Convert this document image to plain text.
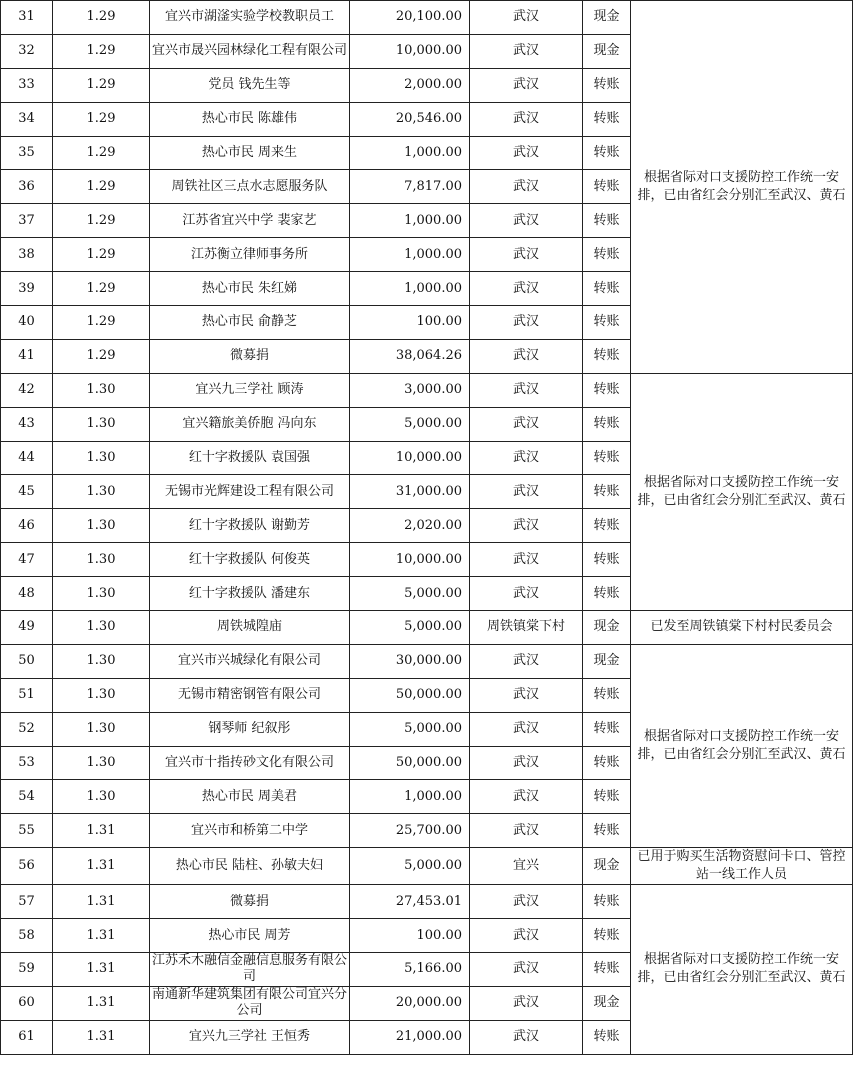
31	1.29	宜兴市湖滏实验学校教职员工	20,100.00	武汉	现金	根据省际对口支援防控工作统一安排，已由省红会分别汇至武汉、黄石
32	1.29	宜兴市晟兴园林绿化工程有限公司	10,000.00	武汉	现金	
33	1.29	党员 钱先生等	2,000.00	武汉	转账	
34	1.29	热心市民 陈雄伟	20,546.00	武汉	转账	
35	1.29	热心市民 周来生	1,000.00	武汉	转账	
36	1.29	周铁社区三点水志愿服务队	7,817.00	武汉	转账	
37	1.29	江苏省宜兴中学 裴家艺	1,000.00	武汉	转账	
38	1.29	江苏衡立律师事务所	1,000.00	武汉	转账	
39	1.29	热心市民 朱红娣	1,000.00	武汉	转账	
40	1.29	热心市民 俞静芝	100.00	武汉	转账	
41	1.29	微募捐	38,064.26	武汉	转账	
42	1.30	宜兴九三学社 顾涛	3,000.00	武汉	转账	根据省际对口支援防控工作统一安排，已由省红会分别汇至武汉、黄石
43	1.30	宜兴籍旅美侨胞 冯向东	5,000.00	武汉	转账	
44	1.30	红十字救援队 袁国强	10,000.00	武汉	转账	
45	1.30	无锡市光辉建设工程有限公司	31,000.00	武汉	转账	
46	1.30	红十字救援队 谢勤芳	2,020.00	武汉	转账	
47	1.30	红十字救援队 何俊英	10,000.00	武汉	转账	
48	1.30	红十字救援队 潘建东	5,000.00	武汉	转账	
49	1.30	周铁城隍庙	5,000.00	周铁镇棠下村	现金	已发至周铁镇棠下村村民委员会
50	1.30	宜兴市兴城绿化有限公司	30,000.00	武汉	现金	根据省际对口支援防控工作统一安排，已由省红会分别汇至武汉、黄石
51	1.30	无锡市精密钢管有限公司	50,000.00	武汉	转账	
52	1.30	钢琴师 纪叙彤	5,000.00	武汉	转账	
53	1.30	宜兴市十指抟砂文化有限公司	50,000.00	武汉	转账	
54	1.30	热心市民 周美君	1,000.00	武汉	转账	
55	1.31	宜兴市和桥第二中学	25,700.00	武汉	转账	
56	1.31	热心市民 陆柱、孙敏夫妇	5,000.00	宜兴	现金	已用于购买生活物资慰问卡口、管控站一线工作人员
57	1.31	微募捐	27,453.01	武汉	转账	根据省际对口支援防控工作统一安排，已由省红会分别汇至武汉、黄石
58	1.31	热心市民 周芳	100.00	武汉	转账	
59	1.31	江苏禾木融信金融信息服务有限公司	5,166.00	武汉	转账	
60	1.31	南通新华建筑集团有限公司宜兴分公司	20,000.00	武汉	现金	
61	1.31	宜兴九三学社 王恒秀	21,000.00	武汉	转账	
